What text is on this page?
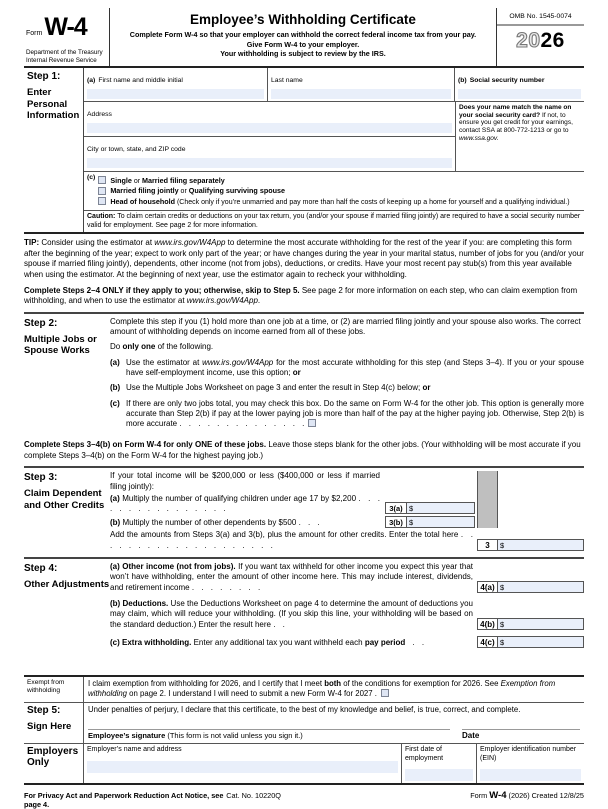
FormW-4
Department of the Treasury
Internal Revenue Service
Employee’s Withholding Certificate
Complete Form W-4 so that your employer can withhold the correct federal income tax from your pay.
Give Form W-4 to your employer.
Your withholding is subject to review by the IRS.
OMB No. 1545-0074
2026
Step 1:
Enter Personal Information
(a) First name and middle initial	Last name	(b) Social security number
Address
City or town, state, and ZIP code
Does your name match the name on your social security card? If not, to ensure you get credit for your earnings, contact SSA at 800-772-1213 or go to www.ssa.gov.
(c) Single or Married filing separately
Married filing jointly or Qualifying surviving spouse
Head of household (Check only if you’re unmarried and pay more than half the costs of keeping up a home for yourself and a qualifying individual.)
Caution: To claim certain credits or deductions on your tax return, you (and/or your spouse if married filing jointly) are required to have a social security number valid for employment. See page 2 for more information.
TIP: Consider using the estimator at www.irs.gov/W4App to determine the most accurate withholding for the rest of the year if you: are completing this form after the beginning of the year; expect to work only part of the year; or have changes during the year in your marital status, number of jobs for you (and/or your spouse if married filing jointly), dependents, other income (not from jobs), deductions, or credits. Have your most recent pay stub(s) from this year available when using the estimator. At the beginning of next year, use the estimator again to recheck your withholding.
Complete Steps 2–4 ONLY if they apply to you; otherwise, skip to Step 5. See page 2 for more information on each step, who can claim exemption from withholding, and when to use the estimator at www.irs.gov/W4App.
Step 2:
Multiple Jobs or Spouse Works
Complete this step if you (1) hold more than one job at a time, or (2) are married filing jointly and your spouse also works. The correct amount of withholding depends on income earned from all of these jobs.
Do only one of the following.
(a) Use the estimator at www.irs.gov/W4App for the most accurate withholding for this step (and Steps 3–4). If you or your spouse have self-employment income, use this option; or
(b) Use the Multiple Jobs Worksheet on page 3 and enter the result in Step 4(c) below; or
(c) If there are only two jobs total, you may check this box. Do the same on Form W-4 for the other job. This option is generally more accurate than Step 2(b) if pay at the lower paying job is more than half of the pay at the higher paying job. Otherwise, Step 2(b) is more accurate . . . . . . . . . . . . . .
Complete Steps 3–4(b) on Form W-4 for only ONE of these jobs. Leave those steps blank for the other jobs. (Your withholding will be most accurate if you complete Steps 3–4(b) on the Form W-4 for the highest paying job.)
Step 3:
Claim Dependent and Other Credits
If your total income will be $200,000 or less ($400,000 or less if married filing jointly):
(a) Multiply the number of qualifying children under age 17 by $2,200 . . . . . . . . . . . . . . . .	3(a) $
(b) Multiply the number of other dependents by $500 . . .	3(b) $
Add the amounts from Steps 3(a) and 3(b), plus the amount for other credits. Enter the total here . . . . . . . . . . . . . . . . . . . .	3	$
Step 4:
Other Adjustments
(a) Other income (not from jobs). If you want tax withheld for other income you expect this year that won’t have withholding, enter the amount of other income here. This may include interest, dividends, and retirement income . . . . . . . .	4(a) $
(b) Deductions. Use the Deductions Worksheet on page 4 to determine the amount of deductions you may claim, which will reduce your withholding. (If you skip this line, your withholding will be based on the standard deduction.) Enter the result here . .	4(b) $
(c) Extra withholding. Enter any additional tax you want withheld each pay period . .	4(c) $
Exempt from withholding
I claim exemption from withholding for 2026, and I certify that I meet both of the conditions for exemption for 2026. See Exemption from withholding on page 2. I understand I will need to submit a new Form W-4 for 2027 .
Step 5:
Sign Here
Under penalties of perjury, I declare that this certificate, to the best of my knowledge and belief, is true, correct, and complete.
Employee’s signature (This form is not valid unless you sign it.)	Date
Employers Only
Employer’s name and address	First date of employment
Employer identification number (EIN)
For Privacy Act and Paperwork Reduction Act Notice, see page 4.
Cat. No. 10220Q	Form W-4 (2026) Created 12/8/25
